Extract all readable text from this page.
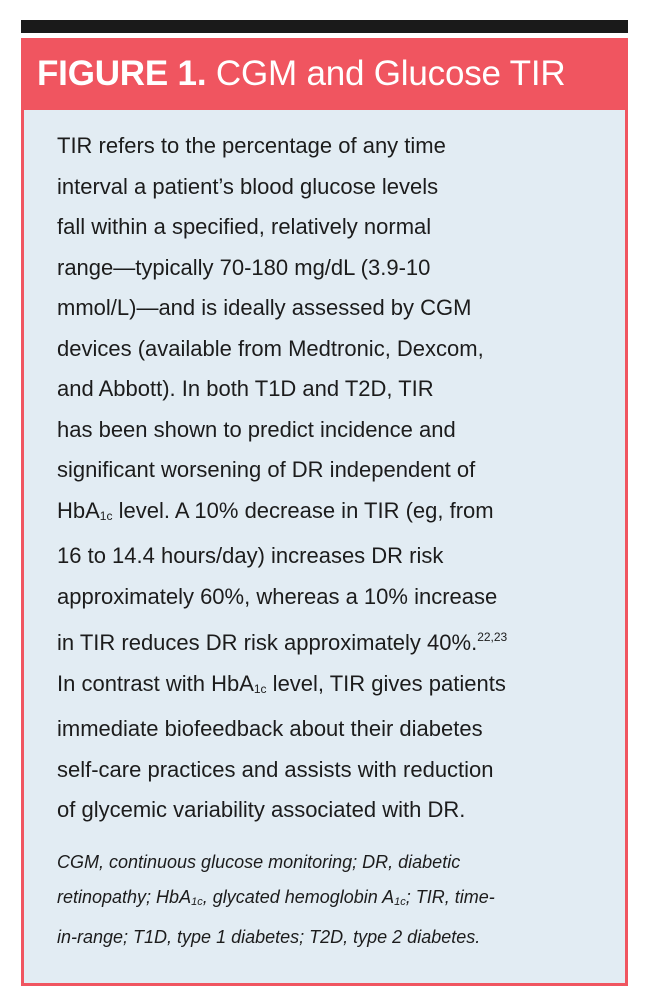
FIGURE 1. CGM and Glucose TIR

TIR refers to the percentage of any time
interval a patient’s blood glucose levels
fall within a specified, relatively normal
range—typically 70-180 mg/dL (3.9-10
mmol/L)—and is ideally assessed by CGM
devices (available from Medtronic, Dexcom,
and Abbott). In both T1D and T2D, TIR
has been shown to predict incidence and
significant worsening of DR independent of
HbA1c level. A 10% decrease in TIR (eg, from
16 to 14.4 hours/day) increases DR risk
approximately 60%, whereas a 10% increase
in TIR reduces DR risk approximately 40%.$^{22,23}$
In contrast with HbA1c level, TIR gives patients
immediate biofeedback about their diabetes
self-care practices and assists with reduction
of glycemic variability associated with DR.

CGM, continuous glucose monitoring; DR, diabetic
retinopathy; HbA1c, glycated hemoglobin A1c; TIR, time-
in-range; T1D, type 1 diabetes; T2D, type 2 diabetes.
